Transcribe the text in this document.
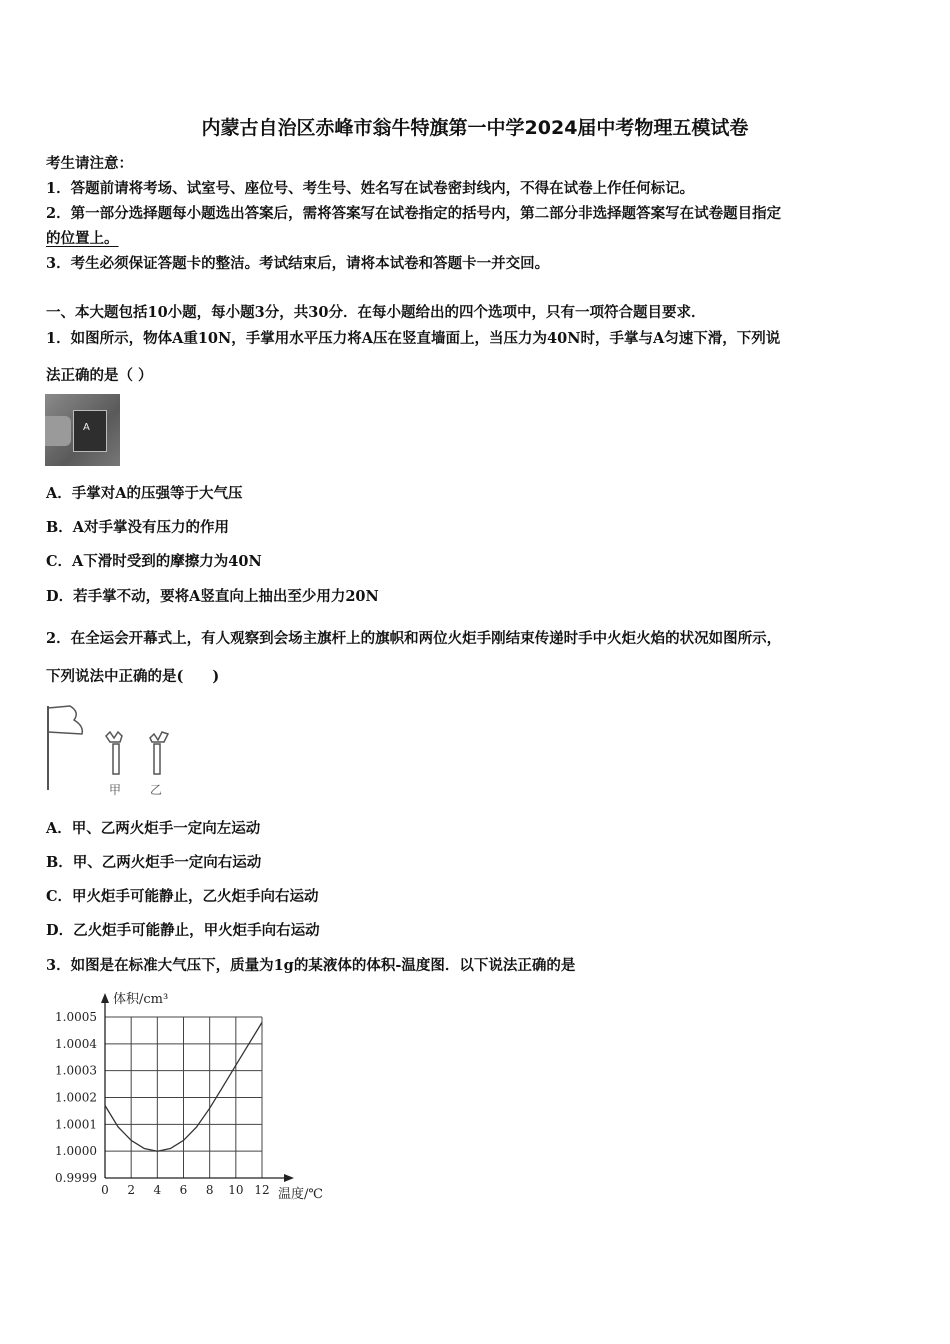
内蒙古自治区赤峰市翁牛特旗第一中学2024届中考物理五模试卷
考生请注意：
1．答题前请将考场、试室号、座位号、考生号、姓名写在试卷密封线内，不得在试卷上作任何标记。
2．第一部分选择题每小题选出答案后，需将答案写在试卷指定的括号内，第二部分非选择题答案写在试卷题目指定
的位置上。
3．考生必须保证答题卡的整洁。考试结束后，请将本试卷和答题卡一并交回。
一、本大题包括10小题，每小题3分，共30分．在每小题给出的四个选项中，只有一项符合题目要求．
1．如图所示，物体A重10N，手掌用水平压力将A压在竖直墙面上，当压力为40N时，手掌与A匀速下滑，下列说
法正确的是（ ）
A
A．手掌对A的压强等于大气压
B．A对手掌没有压力的作用
C．A下滑时受到的摩擦力为40N
D．若手掌不动，要将A竖直向上抽出至少用力20N
2．在全运会开幕式上，有人观察到会场主旗杆上的旗帜和两位火炬手刚结束传递时手中火炬火焰的状况如图所示，
下列说法中正确的是(　　)
甲 乙
A．甲、乙两火炬手一定向左运动
B．甲、乙两火炬手一定向右运动
C．甲火炬手可能静止，乙火炬手向右运动
D．乙火炬手可能静止，甲火炬手向右运动
3．如图是在标准大气压下，质量为1g的某液体的体积-温度图．以下说法正确的是
0 2 4 6 8 10 12
1.0005
1.0004
1.0003
1.0002
1.0001
1.0000
0.9999
体积/cm³
温度/℃
